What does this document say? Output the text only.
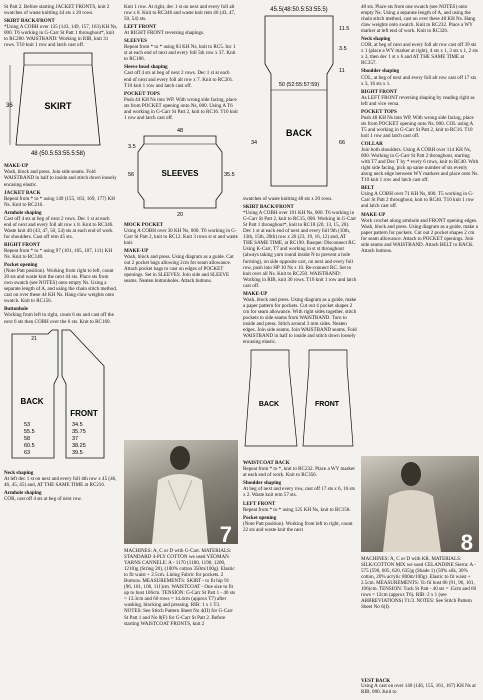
St Patt 2. Before starting JACKET FRONTS, knit 2 swatches of waste knitting 44 sts x 20 rows.

SKIRT BACK/FRONT

*Using A COBH over 135 (143, 149, 157, 163) KH Ns, 000. T6 working in G-Carr St Patt 1 throughout*, knit to RC280. WAISTBAND: Working in RIB, knit 31 rows. T10 knit 1 row and latch cast off.

SKIRT
48 (50.5:53:55.5:58)
36
MAKE-UP

Wash, block and press. Join side seams. Fold WAISTBAND in half to inside and stitch down loosely encasing elastic.

JACKET BACK

Repeat from * to * using 149 (155, 163, 169, 177) KH Ns. Knit to RC216.

Armhole shaping

Cast off 4 sts at beg of next 2 rows. Dec 1 st at each end of next and every foll alt row x 8. Knit to RC346. Waste knit 40 (43, 47, 50, 54) sts at each end of work for shoulders. Cast off rem 45 sts.

RIGHT FRONT

Repeat from * to * using 97 (101, 105, 107, 111) KH Ns. Knit to RC140.

Pocket opening

(Note Patt position). Working from right to left, count 20 sts and waste knit the next 44 sts. Place sts from own swatch (see NOTES) onto empty Ns. Using a separate length of A, and using the chain stitch method, cast on over these 44 KH Ns. Hang claw weights onto swatch. Knit to RC156.

Buttonhole

Working from left to right, count 6 sts and cast off the next 6 sts then COBH over the 6 sts. Knit to RC160.

BACK
FRONT
21
53
55.5
58
60.5
63
34.5
35.75
37
38.25
39.5
Neck shaping

At left dec 1 st on next and every foll 4th row x 45 (46, 46, 45, 45) and, AT THE SAME TIME at RC216.

Armhole shaping

COR, cast off 4 sts at beg of next row.

Knit 1 row. At right, dec 1 st on next and every foll alt row x 8. Knit to RC346 and waste knit rem 40 (43, 47, 50, 54) sts.

LEFT FRONT

At RIGHT FRONT reversing shapings.

SLEEVES

Repeat from * to * using 83 KH Ns, knit to RC5. Inc 1 st at each end of next and every foll 5th row x 37. Knit to RC186.

Sleeve head shaping

Cast off 4 sts at beg of next 2 rows. Dec 1 st at each end of next and every foll alt row x 7. Knit to RC201. T10 knit 1 row and latch cast off.

POCKET TOPS

Push 44 KH Ns into WP. With wrong side facing, place sts from POCKET opening onto Ns, 000. Using A T6 and working in G-Carr St Patt 2, knit to RC16. T10 knit 1 row and latch cast off.

SLEEVES
48
3.5
56	35.5
20
MOCK POCKET

Using A COBH over 30 KH Ns, 000. T6 working in G-Carr St Patt 2, knit to RC12. Knit 3 rows st st and waste knit.

MAKE-UP

Wash, block and press. Using diagram as a guide. Cut out 2 pocket bags allowing 2cm for seam allowance. Attach pocket bags to cast on edges of POCKET openings. Set in SLEEVES. Join side and SLEEVE seams. Neaten buttonholes. Attach buttons.

7

MACHINES: A, C or D with G-Carr. MATERIALS: STANDARD 4-PLY COTTON we used YEOMAN YARNS CANNELE: A - 1170 (1180, 1190, 1200, 1210)g (String 20), (100% cotton 350m/100g). Elastic to fit waist + 2.5cm. Lining Fabric for pockets. 2 Buttons. MEASUREMENTS: SKIRT - to fit hip 91 (96, 101, 106, 111)cm. WAISTCOAT - One size to fit up to bust 106cm. TENSION: G-Carr St Patt 1 - 40 sts = 13.3cm and 60 rows = 14.4cm (approx T7) after washing, blocking and pressing. RIB: 1 x 1 T3. NOTES: See Stitch Pattern Sheet No 4(II) for G-Carr St Patt 1 and No 8(F) for G-Carr St Patt 2. Before starting WAISTCOAT FRONTS, knit 2

45.5(48:50.5:53:55.5)
11.5
3.5
11
50 (52:55:57:59)
66
34
BACK

swatches of waste knitting 48 sts x 20 rows.

SKIRT BACK/FRONT

*Using A COBH over 191 KH Ns, 000. T6 working in G-Carr St Patt 2, knit to RC15, 000. Working in G-Carr St Patt 1 throughout*, knit to RC18 (20, 13, 15, 20). Dec 1 st at each end of next and every foll 9th (10th, 13th, 15th, 20th) row x 26 (23, 19, 16, 12) and, AT THE SAME TIME, at RC190. Basque: Disconnect RC. Using K-Carr, T7 and working in st st throughout (always taking yarn round inside N to prevent a hole forming), on side opposite carr, on next and every foll row, push into HP 10 Ns x 10. Re-connect RC. Set to knit over all Ns. Knit to RC250. WAISTBAND: Working in RIB, knit 30 rows. T10 knit 1 row and latch cast off.

MAKE-UP

Wash, block and press. Using diagram as a guide, make a paper pattern for pockets. Cut out 4 pocket shapes 2 cm for seam allowance. With right sides together, stitch pockets to side seams from WAISTBAND. Turn to inside and press. Stitch around 3 mm sides. Neaten edges. Join side seams. Join WAISTBAND seams. Fold WAISTBAND in half to inside and stitch down loosely encasing elastic.

BACK	FRONT
WAISTCOAT BACK

Repeat from * to *, knit to RC232. Place a WY marker at each end of work. Knit to RC356.

Shoulder shaping

At beg of next and every row, cast off 17 sts x 6, 16 sts x 2. Waste knit rem 57 sts.

LEFT FRONT

Repeat from * to * using 125 KH Ns, knit to RC158.

Pocket opening

(Note Patt position). Working from left to right, count 22 sts and waste knit the next

48 sts. Place sts from one swatch (see NOTES) onto empty Ns. Using a separate length of A, and using the chain stitch method, cast on over these 48 KH Ns. Hang claw weights onto swatch. Knit to RC232. Place a WY marker at left end of work. Knit to RC326.

Neck shaping

COR, at beg of next and every foll alt row cast off 39 sts x 1 (place a WY marker at right), 4 sts x 1, 3 sts x 1, 2 sts x 3, then dec 1 st x 6 and AT THE SAME TIME at RC357.

Shoulder shaping

COL, at beg of next and every foll alt row cast off 17 sts x 3, 16 sts x 1.

RIGHT FRONT

As LEFT FRONT reversing shaping by reading right as left and vice versa.

POCKET TOPS

Push 48 KH Ns into WP. With wrong side facing, place sts from POCKET opening onto Ns, 000. COL using A T5 and working in G-Carr St Patt 2, knit to RC16. T10 knit 1 row and latch cast off.

COLLAR

Join both shoulders. Using A COBH over 114 KH Ns, 000. Working in G-Carr St Patt 2 throughout, starting with T7 and Dec T by * every 6 rows, knit to RC40. With right side facing, pick up same number of sts evenly along neck edge between WY markers and place onto Ns. T10 knit 1 row and latch cast off.

BELT

Using A COBH over 71 KH Ns, 000. T5 working in G-Carr St Patt 2 throughout, knit to RC40. T10 knit 1 row and latch cast off.

MAKE-UP

Work crochet along armhole and FRONT opening edges. Wash, block and press. Using diagram as a guide, make a paper pattern for pockets. Cut out 2 pocket shapes 2 cm for seam allowance. Attach to POCKET openings. Join side seams and WAISTBAND. Attach BELT to BACK. Attach buttons.

8

MACHINES: A, C or D with KR. MATERIALS: SILK/COTTON MIX we used CELANDINE Sierra: A - 575 (590, 605, 620, 635)g (Shade 1) (50% silk, 30% cotton, 20% acrylic 800m/100g). Elastic to fit waist + 2.5cm. MEASUREMENTS: To fit bust 86 (91, 96, 101, 106)cm. TENSION: Tuck St Patt - 40 sts = 15cm and 60 rows = 12cm (approx T6). RIB: 2 x 1 (see ABBREVIATIONS) T1/3. NOTES: See Stitch Pattern Sheet No 6(I).

VEST BACK

Using A cast on over 140 (146, 155, 161, 167) KH Ns at RIB, 000. Knit to
